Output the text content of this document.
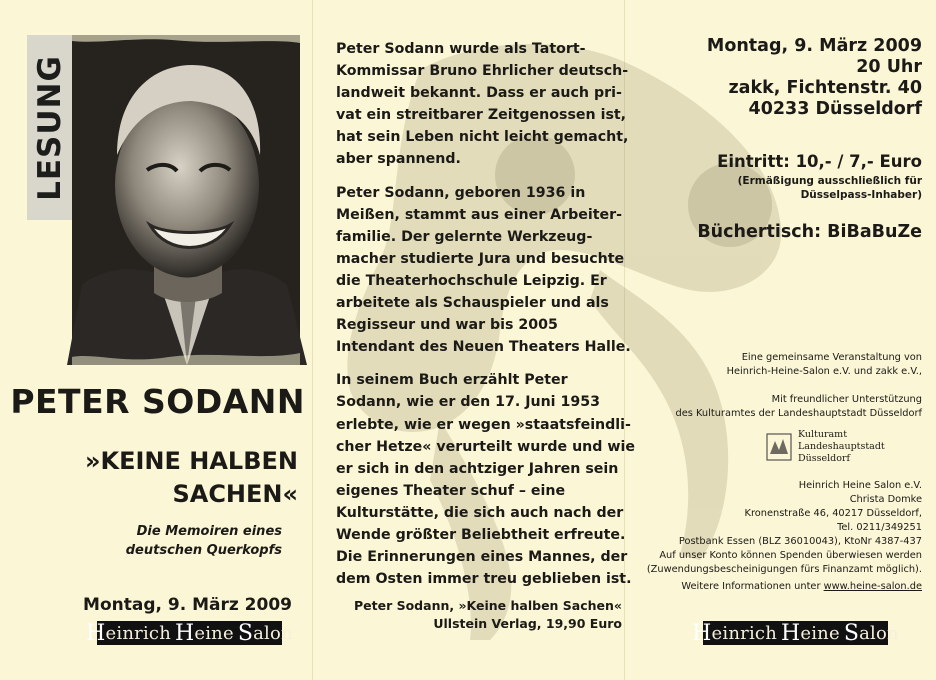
LESUNG
PETER SODANN
»KEINE HALBEN
SACHEN«
Die Memoiren eines
deutschen Querkopfs
Montag, 9. März 2009
H einrich H eine S alon

Peter Sodann wurde als Tatort-
Kommissar Bruno Ehrlicher deutsch-
landweit bekannt. Dass er auch pri-
vat ein streitbarer Zeitgenossen ist,
hat sein Leben nicht leicht gemacht,
aber spannend.

Peter Sodann, geboren 1936 in
Meißen, stammt aus einer Arbeiter-
familie. Der gelernte Werkzeug-
macher studierte Jura und besuchte
die Theaterhochschule Leipzig. Er
arbeitete als Schauspieler und als
Regisseur und war bis 2005
Intendant des Neuen Theaters Halle.

In seinem Buch erzählt Peter
Sodann, wie er den 17. Juni 1953
erlebte, wie er wegen »staatsfeindli-
cher Hetze« verurteilt wurde und wie
er sich in den achtziger Jahren sein
eigenes Theater schuf – eine
Kulturstätte, die sich auch nach der
Wende größter Beliebtheit erfreute.
Die Erinnerungen eines Mannes, der
dem Osten immer treu geblieben ist.

Peter Sodann, »Keine halben Sachen«
Ullstein Verlag, 19,90 Euro
Montag, 9. März 2009
20 Uhr
zakk, Fichtenstr. 40
40233 Düsseldorf
Eintritt: 10,- / 7,- Euro
(Ermäßigung ausschließlich für
Düsselpass-Inhaber)
Büchertisch: BiBaBuZe
Eine gemeinsame Veranstaltung von
Heinrich-Heine-Salon e.V. und zakk e.V.,
Mit freundlicher Unterstützung
des Kulturamtes der Landeshauptstadt Düsseldorf
Kulturamt
Landeshauptstadt Düsseldorf
Heinrich Heine Salon e.V.
Christa Domke
Kronenstraße 46, 40217 Düsseldorf,
Tel. 0211/349251
Postbank Essen (BLZ 36010043), KtoNr 4387-437
Auf unser Konto können Spenden überwiesen werden
(Zuwendungsbescheinigungen fürs Finanzamt möglich).
Weitere Informationen unter www.heine-salon.de
H einrich H eine S alon
